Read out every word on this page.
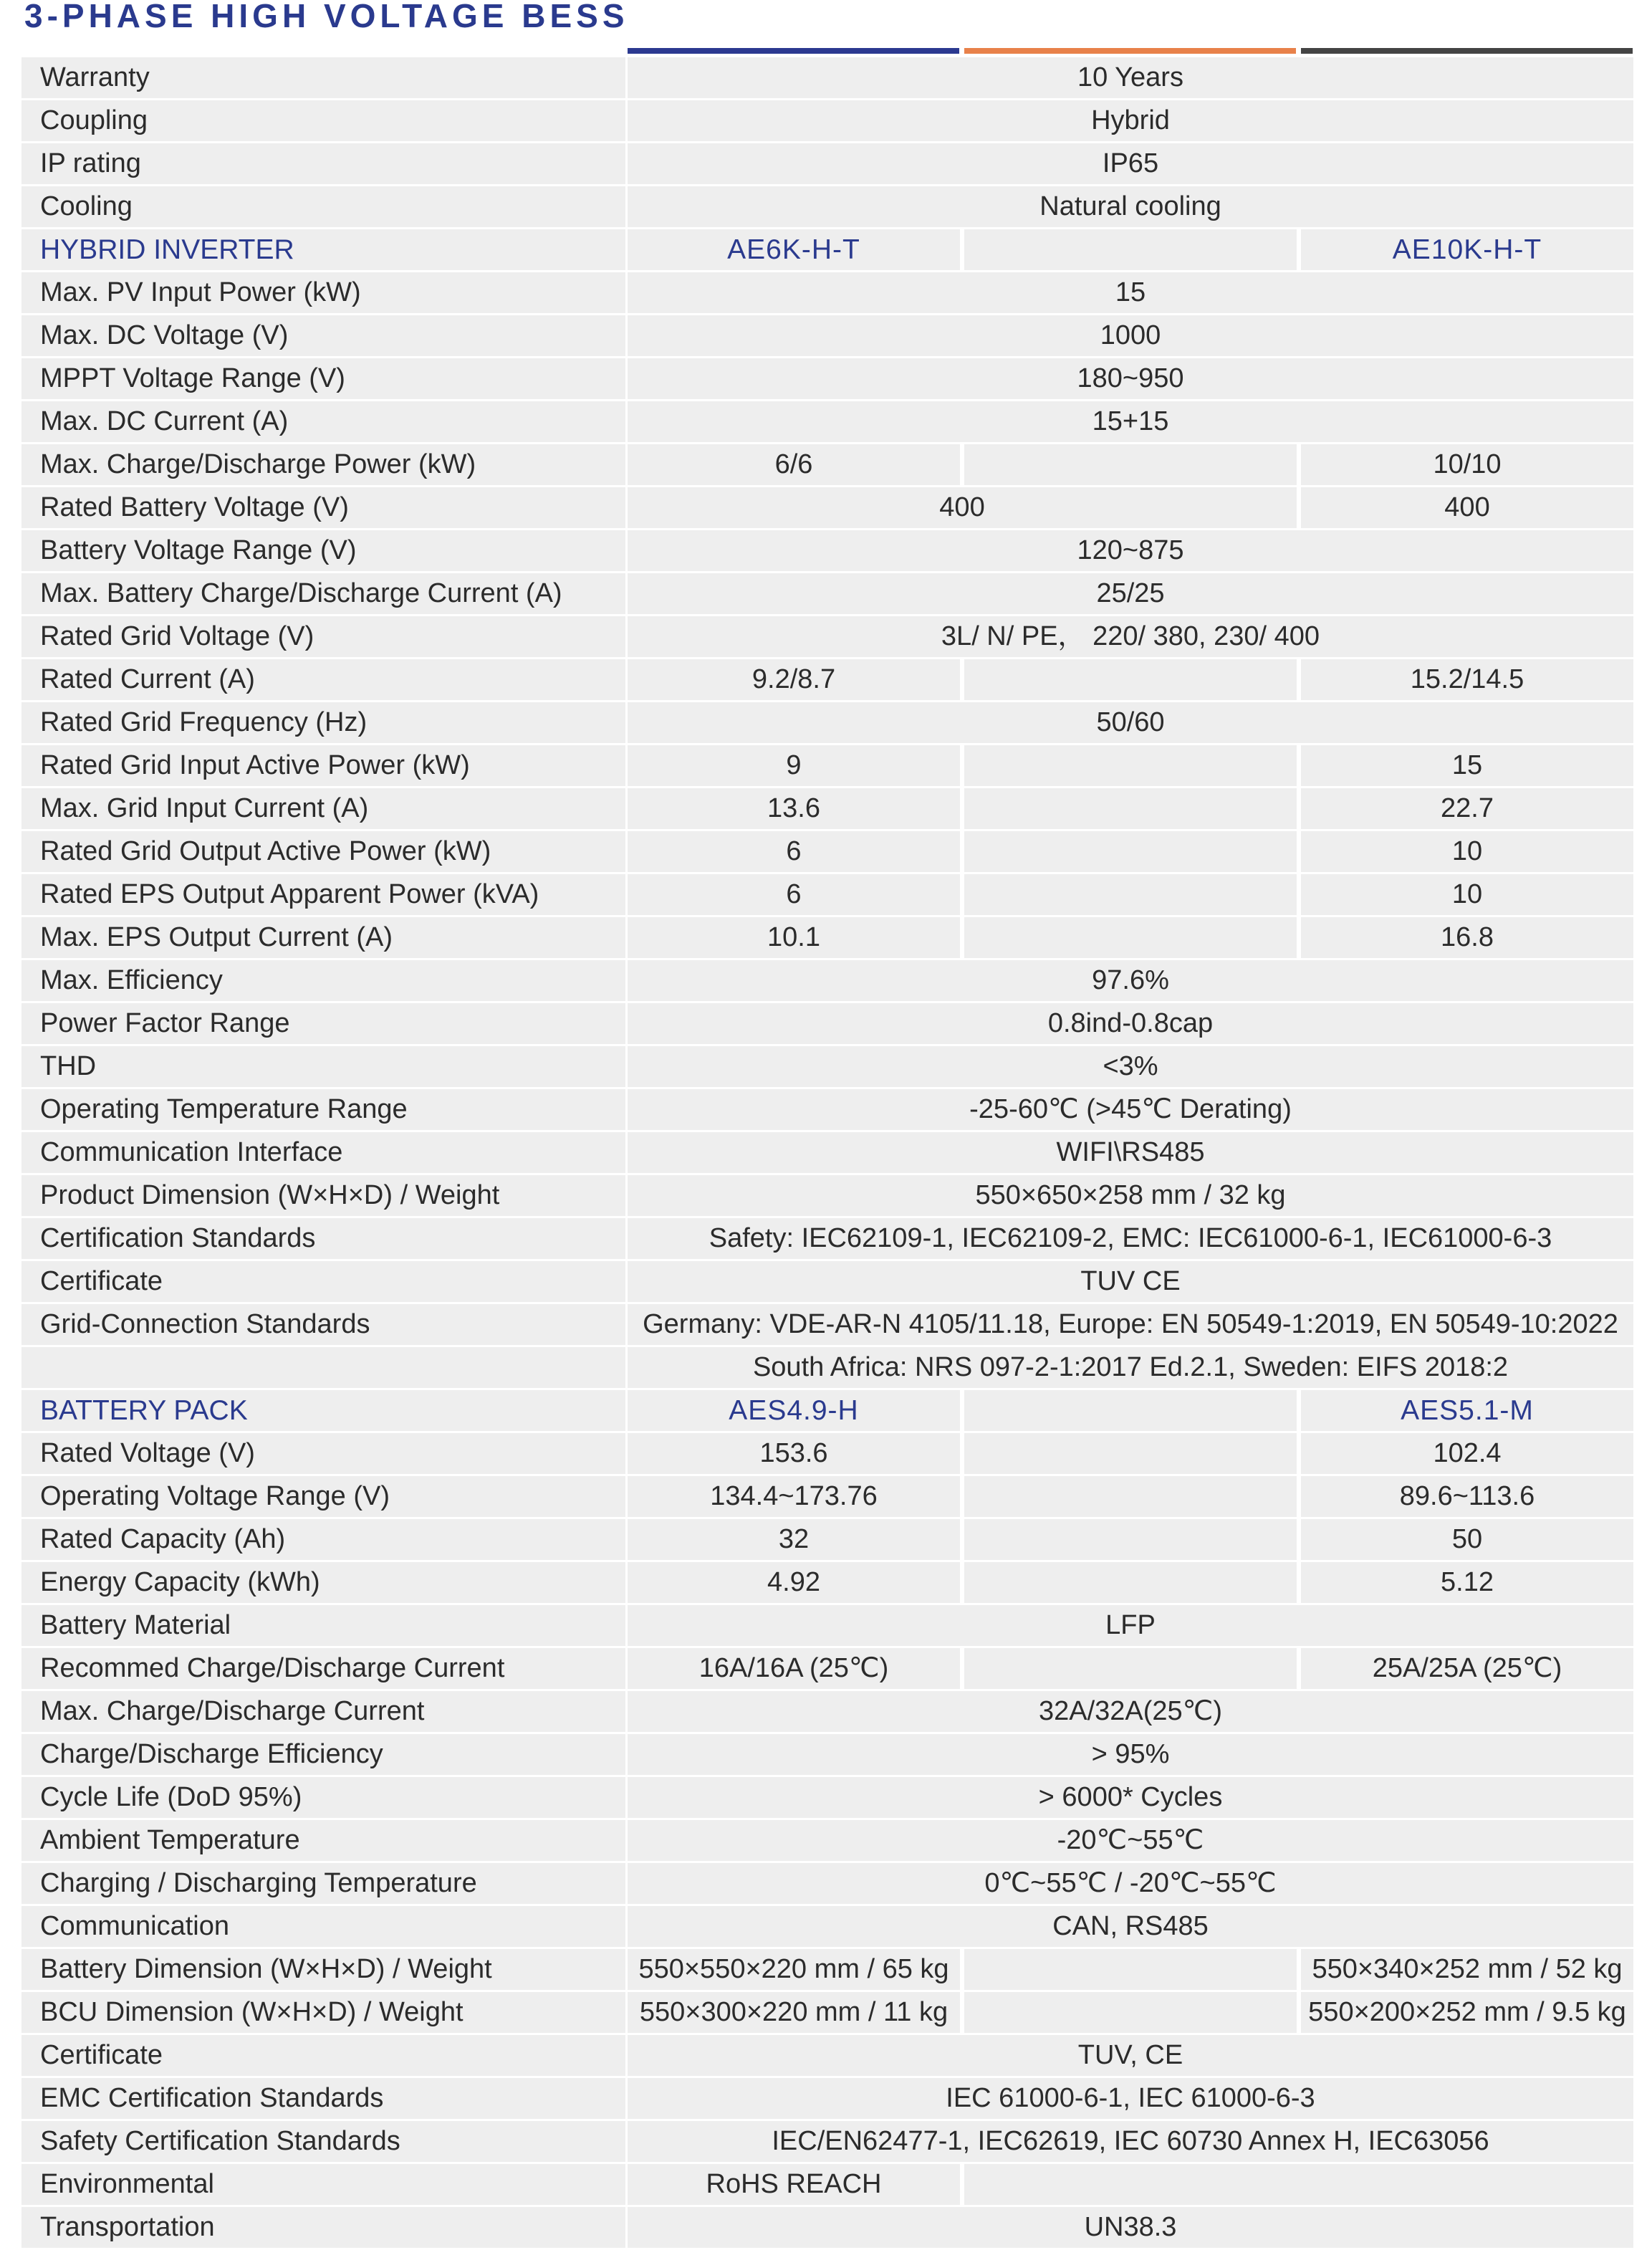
3-PHASE HIGH VOLTAGE BESS
Warranty	10 Years
Coupling	Hybrid
IP rating	IP65
Cooling	Natural cooling
HYBRID INVERTER	AE6K-H-T	AE10K-H-T
Max. PV Input Power (kW)	15
Max. DC Voltage (V)	1000
MPPT Voltage Range (V)	180~950
Max. DC Current (A)	15+15
Max. Charge/Discharge Power (kW)	6/6	10/10
Rated Battery Voltage (V)	400	400
Battery Voltage Range (V)	120~875
Max. Battery Charge/Discharge Current (A)	25/25
Rated Grid Voltage (V)	3L/ N/ PE， 220/ 380, 230/ 400
Rated Current (A)	9.2/8.7	15.2/14.5
Rated Grid Frequency (Hz)	50/60
Rated Grid Input Active Power (kW)	9	15
Max. Grid Input Current (A)	13.6	22.7
Rated Grid Output Active Power (kW)	6	10
Rated EPS Output Apparent Power (kVA)	6	10
Max. EPS Output Current (A)	10.1	16.8
Max. Efficiency	97.6%
Power Factor Range	0.8ind-0.8cap
THD	<3%
Operating Temperature Range	-25-60℃ (>45℃ Derating)
Communication Interface	WIFI\RS485
Product Dimension (W×H×D) / Weight	550×650×258 mm / 32 kg
Certification Standards	Safety: IEC62109-1, IEC62109-2, EMC: IEC61000-6-1, IEC61000-6-3
Certificate	TUV CE
Grid-Connection Standards	Germany: VDE-AR-N 4105/11.18, Europe: EN 50549-1:2019, EN 50549-10:2022
South Africa: NRS 097-2-1:2017 Ed.2.1, Sweden: EIFS 2018:2
BATTERY PACK	AES4.9-H	AES5.1-M
Rated Voltage (V)	153.6	102.4
Operating Voltage Range (V)	134.4~173.76	89.6~113.6
Rated Capacity (Ah)	32	50
Energy Capacity (kWh)	4.92	5.12
Battery Material	LFP
Recommed Charge/Discharge Current	16A/16A (25℃)	25A/25A (25℃)
Max. Charge/Discharge Current	32A/32A(25℃)
Charge/Discharge Efficiency	> 95%
Cycle Life (DoD 95%)	> 6000* Cycles
Ambient Temperature	-20℃~55℃
Charging / Discharging Temperature	0℃~55℃ / -20℃~55℃
Communication	CAN, RS485
Battery Dimension (W×H×D) / Weight	550×550×220 mm / 65 kg	550×340×252 mm / 52 kg
BCU Dimension (W×H×D) / Weight	550×300×220 mm / 11 kg	550×200×252 mm / 9.5 kg
Certificate	TUV, CE
EMC Certification Standards	IEC 61000-6-1, IEC 61000-6-3
Safety Certification Standards	IEC/EN62477-1, IEC62619, IEC 60730 Annex H, IEC63056
Environmental	RoHS REACH
Transportation	UN38.3
